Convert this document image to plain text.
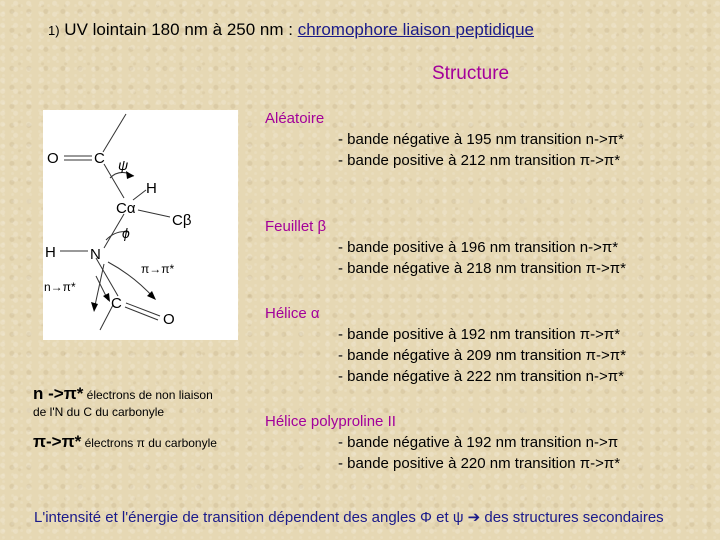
1) UV lointain 180 nm à 250 nm : chromophore liaison peptidique
Structure
Aléatoire
- bande négative à 195 nm transition n->π*
- bande positive à 212 nm transition π->π*
Feuillet β
- bande positive à 196 nm transition n->π*
- bande négative à 218 nm transition π->π*
Hélice α
- bande positive à 192 nm transition π->π*
- bande négative à 209 nm transition π->π*
- bande négative à 222 nm transition n->π*
Hélice polyproline II
- bande négative à 192 nm transition n->π
- bande positive à 220 nm transition π->π*
O C ψ
H
Cα
Cβ
ϕ
H N
π→π*
n→π*
C
O
n ->π* électrons de non liaison
de l'N du C du carbonyle
π->π* électrons π du carbonyle
L'intensité et l'énergie de transition dépendent des angles Φ et ψ ➔ des structures secondaires
